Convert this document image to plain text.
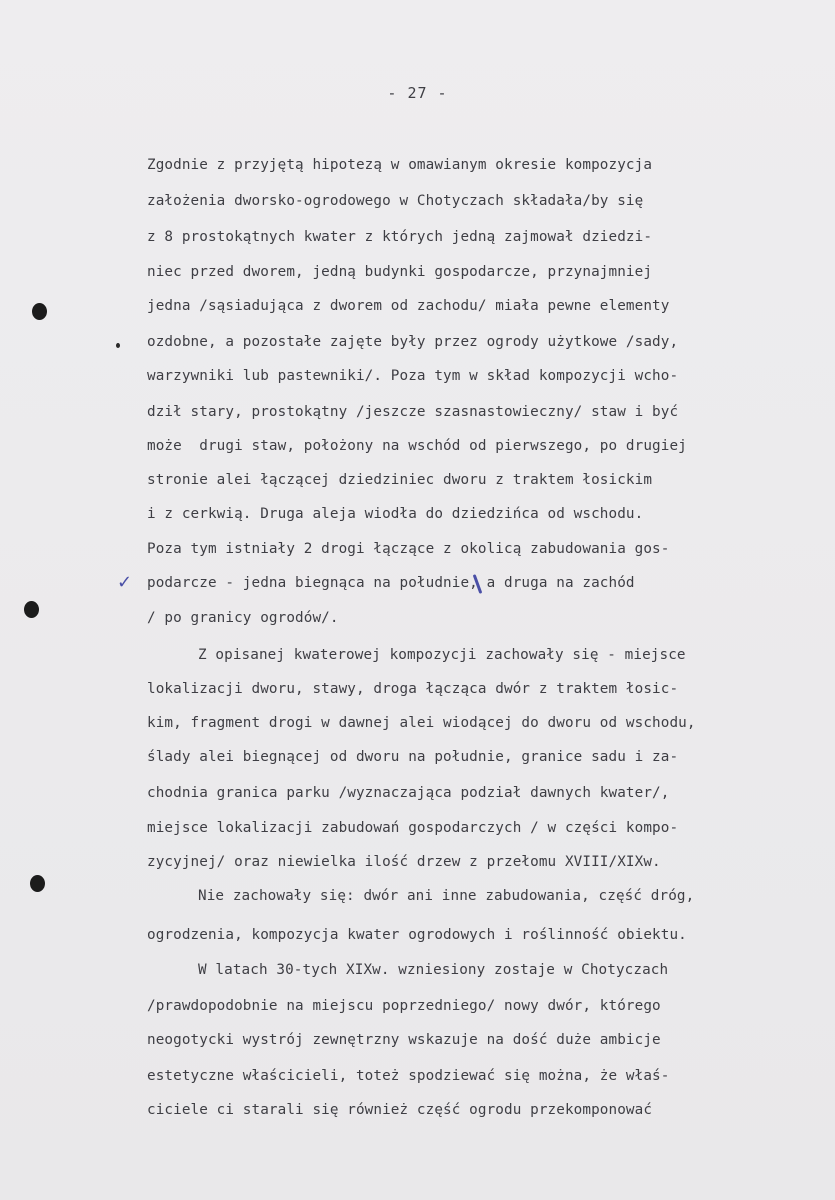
- 27 -
✓
Zgodnie z przyjętą hipotezą w omawianym okresie kompozycja
założenia dworsko-ogrodowego w Chotyczach składała/by się
z 8 prostokątnych kwater z których jedną zajmował dziedzi-
niec przed dworem, jedną budynki gospodarcze, przynajmniej
jedna /sąsiadująca z dworem od zachodu/ miała pewne elementy
ozdobne, a pozostałe zajęte były przez ogrody użytkowe /sady,
warzywniki lub pastewniki/. Poza tym w skład kompozycji wcho-
dził stary, prostokątny /jeszcze szasnastowieczny/ staw i być
może  drugi staw, położony na wschód od pierwszego, po drugiej
stronie alei łączącej dziedziniec dworu z traktem łosickim
i z cerkwią. Druga aleja wiodła do dziedzińca od wschodu.
Poza tym istniały 2 drogi łączące z okolicą zabudowania gos-
podarcze - jedna biegnąca na południe, a druga na zachód
/ po granicy ogrodów/.
Z opisanej kwaterowej kompozycji zachowały się - miejsce
lokalizacji dworu, stawy, droga łącząca dwór z traktem łosic-
kim, fragment drogi w dawnej alei wiodącej do dworu od wschodu,
ślady alei biegnącej od dworu na południe, granice sadu i za-
chodnia granica parku /wyznaczająca podział dawnych kwater/,
miejsce lokalizacji zabudowań gospodarczych / w części kompo-
zycyjnej/ oraz niewielka ilość drzew z przełomu XVIII/XIXw.
Nie zachowały się: dwór ani inne zabudowania, część dróg,
ogrodzenia, kompozycja kwater ogrodowych i roślinność obiektu.
W latach 30-tych XIXw. wzniesiony zostaje w Chotyczach
/prawdopodobnie na miejscu poprzedniego/ nowy dwór, którego
neogotycki wystrój zewnętrzny wskazuje na dość duże ambicje
estetyczne właścicieli, toteż spodziewać się można, że właś-
ciciele ci starali się również część ogrodu przekomponować
